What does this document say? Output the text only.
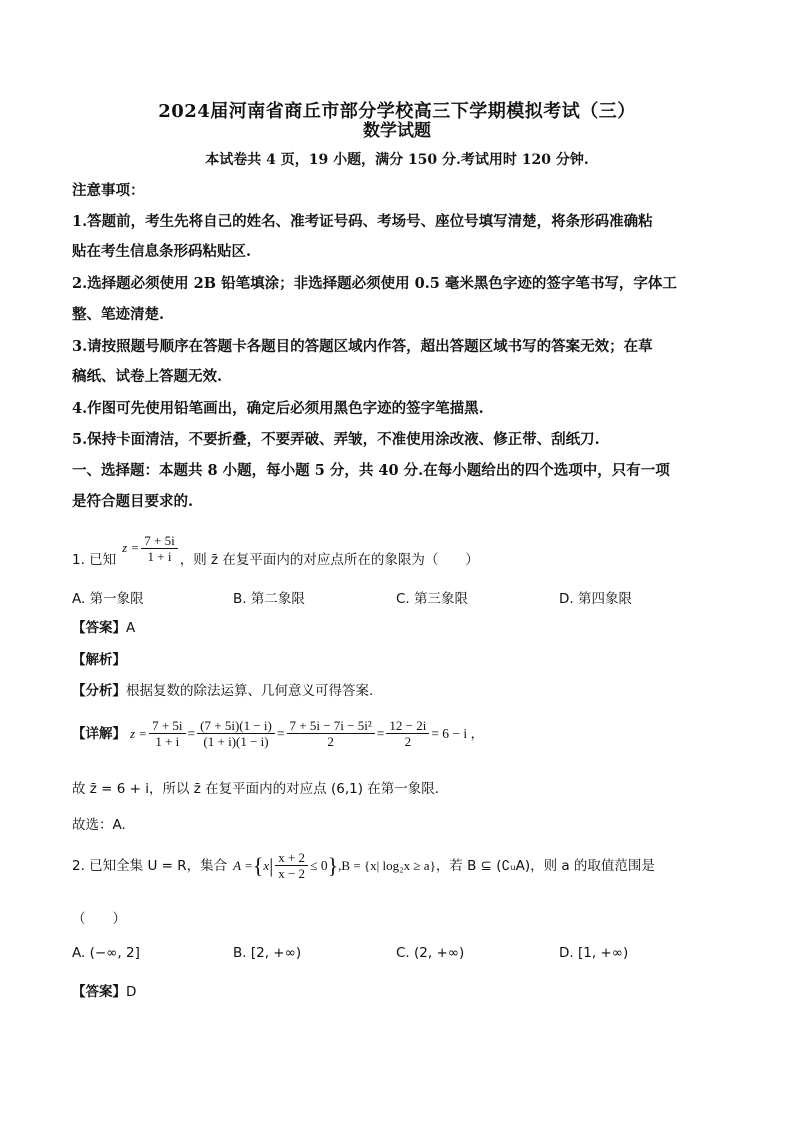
2024届河南省商丘市部分学校高三下学期模拟考试（三）
数学试题
本试卷共 4 页，19 小题，满分 150 分.考试用时 120 分钟.
注意事项：
1.答题前，考生先将自己的姓名、准考证号码、考场号、座位号填写清楚，将条形码准确粘
贴在考生信息条形码粘贴区.
2.选择题必须使用 2B 铅笔填涂；非选择题必须使用 0.5 毫米黑色字迹的签字笔书写，字体工
整、笔迹清楚.
3.请按照题号顺序在答题卡各题目的答题区域内作答，超出答题区域书写的答案无效；在草
稿纸、试卷上答题无效.
4.作图可先使用铅笔画出，确定后必须用黑色字迹的签字笔描黑.
5.保持卡面清洁，不要折叠，不要弄破、弄皱，不准使用涂改液、修正带、刮纸刀.
一、选择题：本题共 8 小题，每小题 5 分，共 40 分.在每小题给出的四个选项中，只有一项
是符合题目要求的.
1. 已知
$z = \frac{7 + 5i}{1 + i}$ ，则 z̄ 在复平面内的对应点所在的象限为（　　）
A. 第一象限	B. 第二象限	C. 第三象限	D. 第四象限
【答案】A
【解析】
【分析】根据复数的除法运算、几何意义可得答案.
【详解】 $z = \frac{7 + 5i}{1 + i} = \frac{(7 + 5i)(1 - i)}{(1 + i)(1 - i)} = \frac{\text{7 + 5i − 7i − 5i²}}{2} = \frac{12 - 2i}{2} = 6 - i$ ，
故 z̄ = 6 + i，所以 z̄ 在复平面内的对应点 (6,1) 在第一象限.
故选：A.
2. 已知全集 U = R，集合 A = { x | $\frac{x + 2}{x - 2} \le 0$ } ,B = {x| log₂x ≥ a} ，若 B ⊆ (∁ᵤA)，则 a 的取值范围是
（　　）
A. (−∞, 2]	B. [2, +∞)	C. (2, +∞)	D. [1, +∞)
【答案】D
